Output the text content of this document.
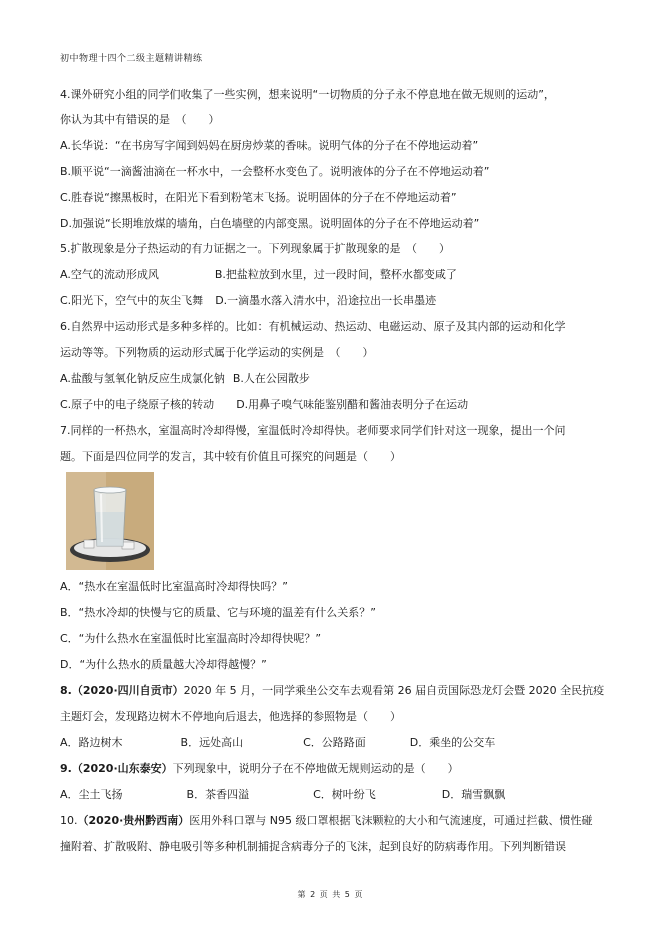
初中物理十四个二级主题精讲精练
4.课外研究小组的同学们收集了一些实例，想来说明“一切物质的分子永不停息地在做无规则的运动”，
你认为其中有错误的是　（　　）
A.长华说：“在书房写字闻到妈妈在厨房炒菜的香味。说明气体的分子在不停地运动着”
B.顺平说“一滴酱油滴在一杯水中，一会整杯水变色了。说明液体的分子在不停地运动着”
C.胜春说“擦黑板时，在阳光下看到粉笔末飞扬。说明固体的分子在不停地运动着”
D.加强说“长期堆放煤的墙角，白色墙壁的内部变黑。说明固体的分子在不停地运动着”
5.扩散现象是分子热运动的有力证据之一。下列现象属于扩散现象的是　（　　）
A.空气的流动形成风	B.把盐粒放到水里，过一段时间，整杯水都变咸了
C.阳光下，空气中的灰尘飞舞 D.一滴墨水落入清水中，沿途拉出一长串墨迹
6.自然界中运动形式是多种多样的。比如：有机械运动、热运动、电磁运动、原子及其内部的运动和化学
运动等等。下列物质的运动形式属于化学运动的实例是　（　　）
A.盐酸与氢氧化钠反应生成氯化钠 B.人在公园散步
C.原子中的电子绕原子核的转动 D.用鼻子嗅气味能鉴别醋和酱油表明分子在运动
7.同样的一杯热水，室温高时冷却得慢，室温低时冷却得快。老师要求同学们针对这一现象，提出一个问
题。下面是四位同学的发言，其中较有价值且可探究的问题是（　　）
A．“热水在室温低时比室温高时冷却得快吗？”
B．“热水冷却的快慢与它的质量、它与环境的温差有什么关系？”
C．“为什么热水在室温低时比室温高时冷却得快呢？”
D．“为什么热水的质量越大冷却得越慢？”
8.（2020·四川自贡市）2020 年 5 月，一同学乘坐公交车去观看第 26 届自贡国际恐龙灯会暨 2020 全民抗疫
主题灯会，发现路边树木不停地向后退去，他选择的参照物是（　　）
A．路边树木	B．远处高山	C．公路路面	D．乘坐的公交车
9.（2020·山东泰安）下列现象中，说明分子在不停地做无规则运动的是（　　）
A．尘土飞扬	B．茶香四溢	C．树叶纷飞	D．瑞雪飘飘
10.（2020·贵州黔西南）医用外科口罩与 N95 级口罩根据飞沫颗粒的大小和气流速度，可通过拦截、惯性碰
撞附着、扩散吸附、静电吸引等多种机制捕捉含病毒分子的飞沫，起到良好的防病毒作用。下列判断错误
第 2 页 共 5 页
